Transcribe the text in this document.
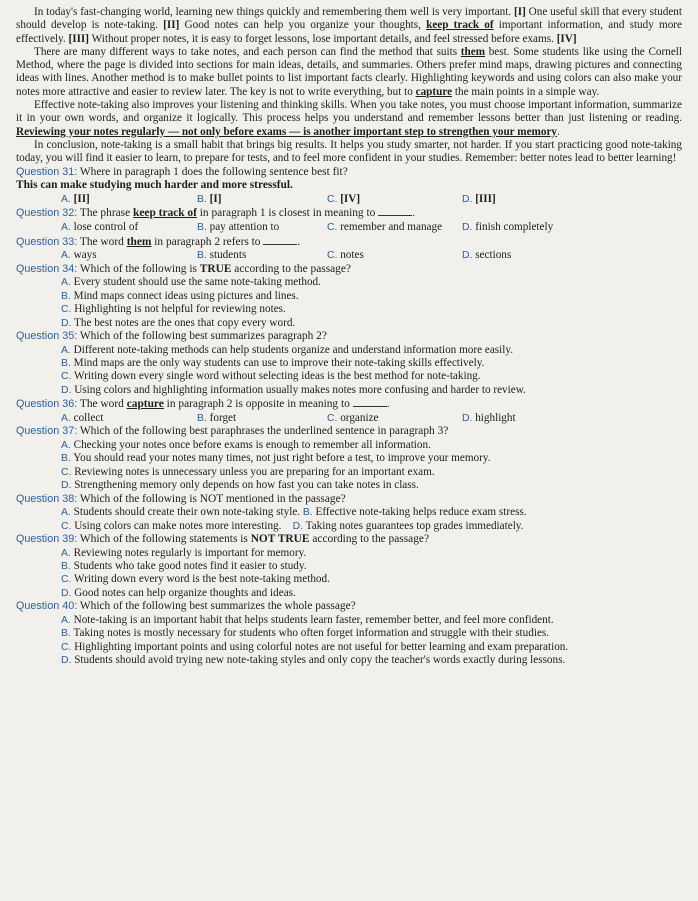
In today's fast-changing world, learning new things quickly and remembering them well is very important. [I] One useful skill that every student should develop is note-taking. [II] Good notes can help you organize your thoughts, keep track of important information, and study more effectively. [III] Without proper notes, it is easy to forget lessons, lose important details, and feel stressed before exams. [IV]

There are many different ways to take notes, and each person can find the method that suits them best. Some students like using the Cornell Method, where the page is divided into sections for main ideas, details, and summaries. Others prefer mind maps, drawing pictures and connecting ideas with lines. Another method is to make bullet points to list important facts clearly. Highlighting keywords and using colors can also make your notes more attractive and easier to review later. The key is not to write everything, but to capture the main points in a simple way.

Effective note-taking also improves your listening and thinking skills. When you take notes, you must choose important information, summarize it in your own words, and organize it logically. This process helps you understand and remember lessons better than just listening or reading. Reviewing your notes regularly — not only before exams — is another important step to strengthen your memory.

In conclusion, note-taking is a small habit that brings big results. It helps you study smarter, not harder. If you start practicing good note-taking today, you will find it easier to learn, to prepare for tests, and to feel more confident in your studies. Remember: better notes lead to better learning!

Question 31: Where in paragraph 1 does the following sentence best fit?

This can make studying much harder and more stressful.

A. [II]	B. [I]	C. [IV]	D. [III]

Question 32: The phrase keep track of in paragraph 1 is closest in meaning to	.

A. lose control of	B. pay attention to	C. remember and manage	D. finish completely

Question 33: The word them in paragraph 2 refers to	.

A. ways	B. students	C. notes	D. sections

Question 34: Which of the following is TRUE according to the passage?

A. Every student should use the same note-taking method.

B. Mind maps connect ideas using pictures and lines.

C. Highlighting is not helpful for reviewing notes.

D. The best notes are the ones that copy every word.

Question 35: Which of the following best summarizes paragraph 2?

A. Different note-taking methods can help students organize and understand information more easily.

B. Mind maps are the only way students can use to improve their note-taking skills effectively.

C. Writing down every single word without selecting ideas is the best method for note-taking.

D. Using colors and highlighting information usually makes notes more confusing and harder to review.

Question 36: The word capture in paragraph 2 is opposite in meaning to	.

A. collect	B. forget	C. organize	D. highlight

Question 37: Which of the following best paraphrases the underlined sentence in paragraph 3?

A. Checking your notes once before exams is enough to remember all information.

B. You should read your notes many times, not just right before a test, to improve your memory.

C. Reviewing notes is unnecessary unless you are preparing for an important exam.

D. Strengthening memory only depends on how fast you can take notes in class.

Question 38: Which of the following is NOT mentioned in the passage?

A. Students should create their own note-taking style. B. Effective note-taking helps reduce exam stress.
C. Using colors can make notes more interesting.	D. Taking notes guarantees top grades immediately.

Question 39: Which of the following statements is NOT TRUE according to the passage?

A. Reviewing notes regularly is important for memory.

B. Students who take good notes find it easier to study.

C. Writing down every word is the best note-taking method.

D. Good notes can help organize thoughts and ideas.

Question 40: Which of the following best summarizes the whole passage?

A. Note-taking is an important habit that helps students learn faster, remember better, and feel more confident.

B. Taking notes is mostly necessary for students who often forget information and struggle with their studies.

C. Highlighting important points and using colorful notes are not useful for better learning and exam preparation.

D. Students should avoid trying new note-taking styles and only copy the teacher's words exactly during lessons.
